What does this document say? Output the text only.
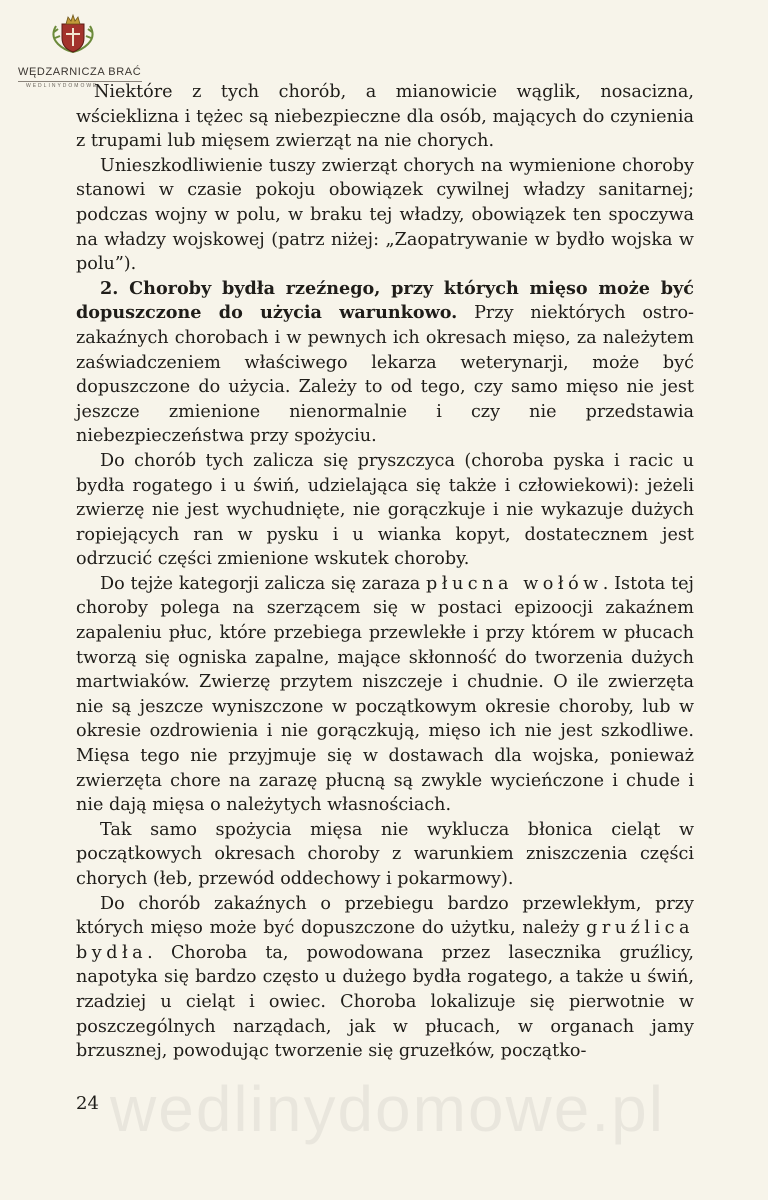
WĘDZARNICZA BRAĆ
WEDLINYDOMOWE

Niektóre z tych chorób, a mianowicie wąglik, nosacizna, wścieklizna i tężec są niebezpieczne dla osób, mających do czynienia z trupami lub mięsem zwierząt na nie chorych.

Unieszkodliwienie tuszy zwierząt chorych na wymienione choroby stanowi w czasie pokoju obowiązek cywilnej władzy sanitarnej; podczas wojny w polu, w braku tej władzy, obowiązek ten spoczywa na władzy wojskowej (patrz niżej: „Zaopatrywanie w bydło wojska w polu”).

2. Choroby bydła rzeźnego, przy których mięso może być dopuszczone do użycia warunkowo. Przy niektórych ostro-zakaźnych chorobach i w pewnych ich okresach mięso, za należytem zaświadczeniem właściwego lekarza weterynarji, może być dopuszczone do użycia. Zależy to od tego, czy samo mięso nie jest jeszcze zmienione nienormalnie i czy nie przedstawia niebezpieczeństwa przy spożyciu.

Do chorób tych zalicza się pryszczyca (choroba pyska i racic u bydła rogatego i u świń, udzielająca się także i człowiekowi): jeżeli zwierzę nie jest wychudnięte, nie gorączkuje i nie wykazuje dużych ropiejących ran w pysku i u wianka kopyt, dostatecznem jest odrzucić części zmienione wskutek choroby.

Do tejże kategorji zalicza się zaraza płucna wołów. Istota tej choroby polega na szerzącem się w postaci epizoocji zakaźnem zapaleniu płuc, które przebiega przewlekłe i przy którem w płucach tworzą się ogniska zapalne, mające skłonność do tworzenia dużych martwiaków. Zwierzę przytem niszczeje i chudnie. O ile zwierzęta nie są jeszcze wyniszczone w początkowym okresie choroby, lub w okresie ozdrowienia i nie gorączkują, mięso ich nie jest szkodliwe. Mięsa tego nie przyjmuje się w dostawach dla wojska, ponieważ zwierzęta chore na zarazę płucną są zwykle wycieńczone i chude i nie dają mięsa o należytych własnościach.

Tak samo spożycia mięsa nie wyklucza błonica cieląt w początkowych okresach choroby z warunkiem zniszczenia części chorych (łeb, przewód oddechowy i pokarmowy).

Do chorób zakaźnych o przebiegu bardzo przewlekłym, przy których mięso może być dopuszczone do użytku, należy gruźlica bydła. Choroba ta, powodowana przez lasecznika gruźlicy, napotyka się bardzo często u dużego bydła rogatego, a także u świń, rzadziej u cieląt i owiec. Choroba lokalizuje się pierwotnie w poszczególnych narządach, jak w płucach, w organach jamy brzusznej, powodując tworzenie się gruzełków, początko-

wedlinydomowe.pl
24
